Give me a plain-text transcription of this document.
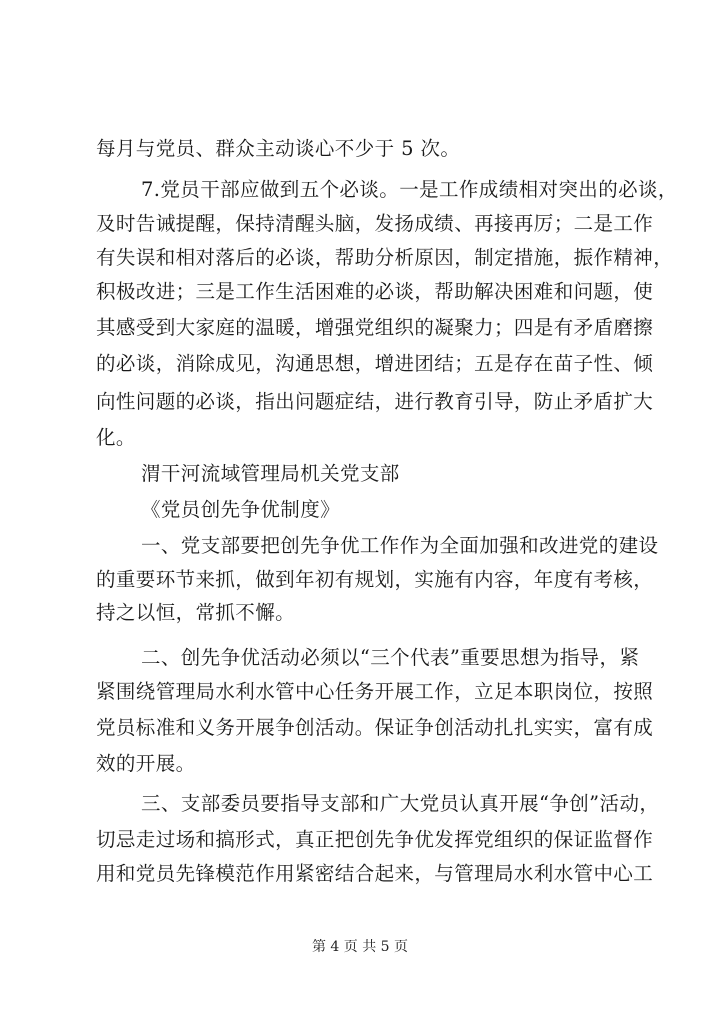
每月与党员、群众主动谈心不少于 5 次。
7.党员干部应做到五个必谈。一是工作成绩相对突出的必谈，
及时告诫提醒，保持清醒头脑，发扬成绩、再接再厉；二是工作
有失误和相对落后的必谈，帮助分析原因，制定措施，振作精神，
积极改进；三是工作生活困难的必谈，帮助解决困难和问题，使
其感受到大家庭的温暖，增强党组织的凝聚力；四是有矛盾磨擦
的必谈，消除成见，沟通思想，增进团结；五是存在苗子性、倾
向性问题的必谈，指出问题症结，进行教育引导，防止矛盾扩大
化。
渭干河流域管理局机关党支部
《党员创先争优制度》
一、党支部要把创先争优工作作为全面加强和改进党的建设
的重要环节来抓，做到年初有规划，实施有内容，年度有考核，
持之以恒，常抓不懈。
二、创先争优活动必须以“三个代表”重要思想为指导，紧
紧围绕管理局水利水管中心任务开展工作，立足本职岗位，按照
党员标准和义务开展争创活动。保证争创活动扎扎实实，富有成
效的开展。
三、支部委员要指导支部和广大党员认真开展“争创”活动，
切忌走过场和搞形式，真正把创先争优发挥党组织的保证监督作
用和党员先锋模范作用紧密结合起来，与管理局水利水管中心工
第 4 页 共 5 页
